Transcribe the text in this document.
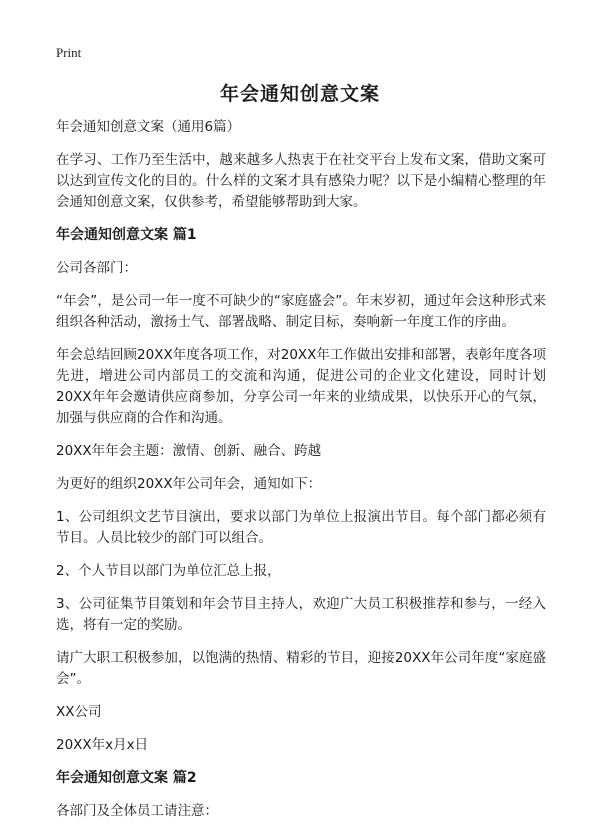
Print
年会通知创意文案

年会通知创意文案（通用6篇）

在学习、工作乃至生活中，越来越多人热衷于在社交平台上发布文案，借助文案可以达到宣传文化的目的。什么样的文案才具有感染力呢？以下是小编精心整理的年会通知创意文案，仅供参考，希望能够帮助到大家。

年会通知创意文案 篇1

公司各部门：

“年会”，是公司一年一度不可缺少的“家庭盛会”。年末岁初，通过年会这种形式来组织各种活动，激扬士气、部署战略、制定目标，奏响新一年度工作的序曲。

年会总结回顾20XX年度各项工作，对20XX年工作做出安排和部署，表彰年度各项先进，增进公司内部员工的交流和沟通，促进公司的企业文化建设，同时计划20XX年年会邀请供应商参加，分享公司一年来的业绩成果，以快乐开心的气氛，加强与供应商的合作和沟通。

20XX年年会主题：激情、创新、融合、跨越

为更好的组织20XX年公司年会，通知如下：

1、公司组织文艺节目演出，要求以部门为单位上报演出节目。每个部门都必须有节目。人员比较少的部门可以组合。

2、个人节目以部门为单位汇总上报，

3、公司征集节目策划和年会节目主持人，欢迎广大员工积极推荐和参与，一经入选，将有一定的奖励。

请广大职工积极参加，以饱满的热情、精彩的节目，迎接20XX年公司年度“家庭盛会”。

XX公司

20XX年x月x日

年会通知创意文案 篇2

各部门及全体员工请注意：
